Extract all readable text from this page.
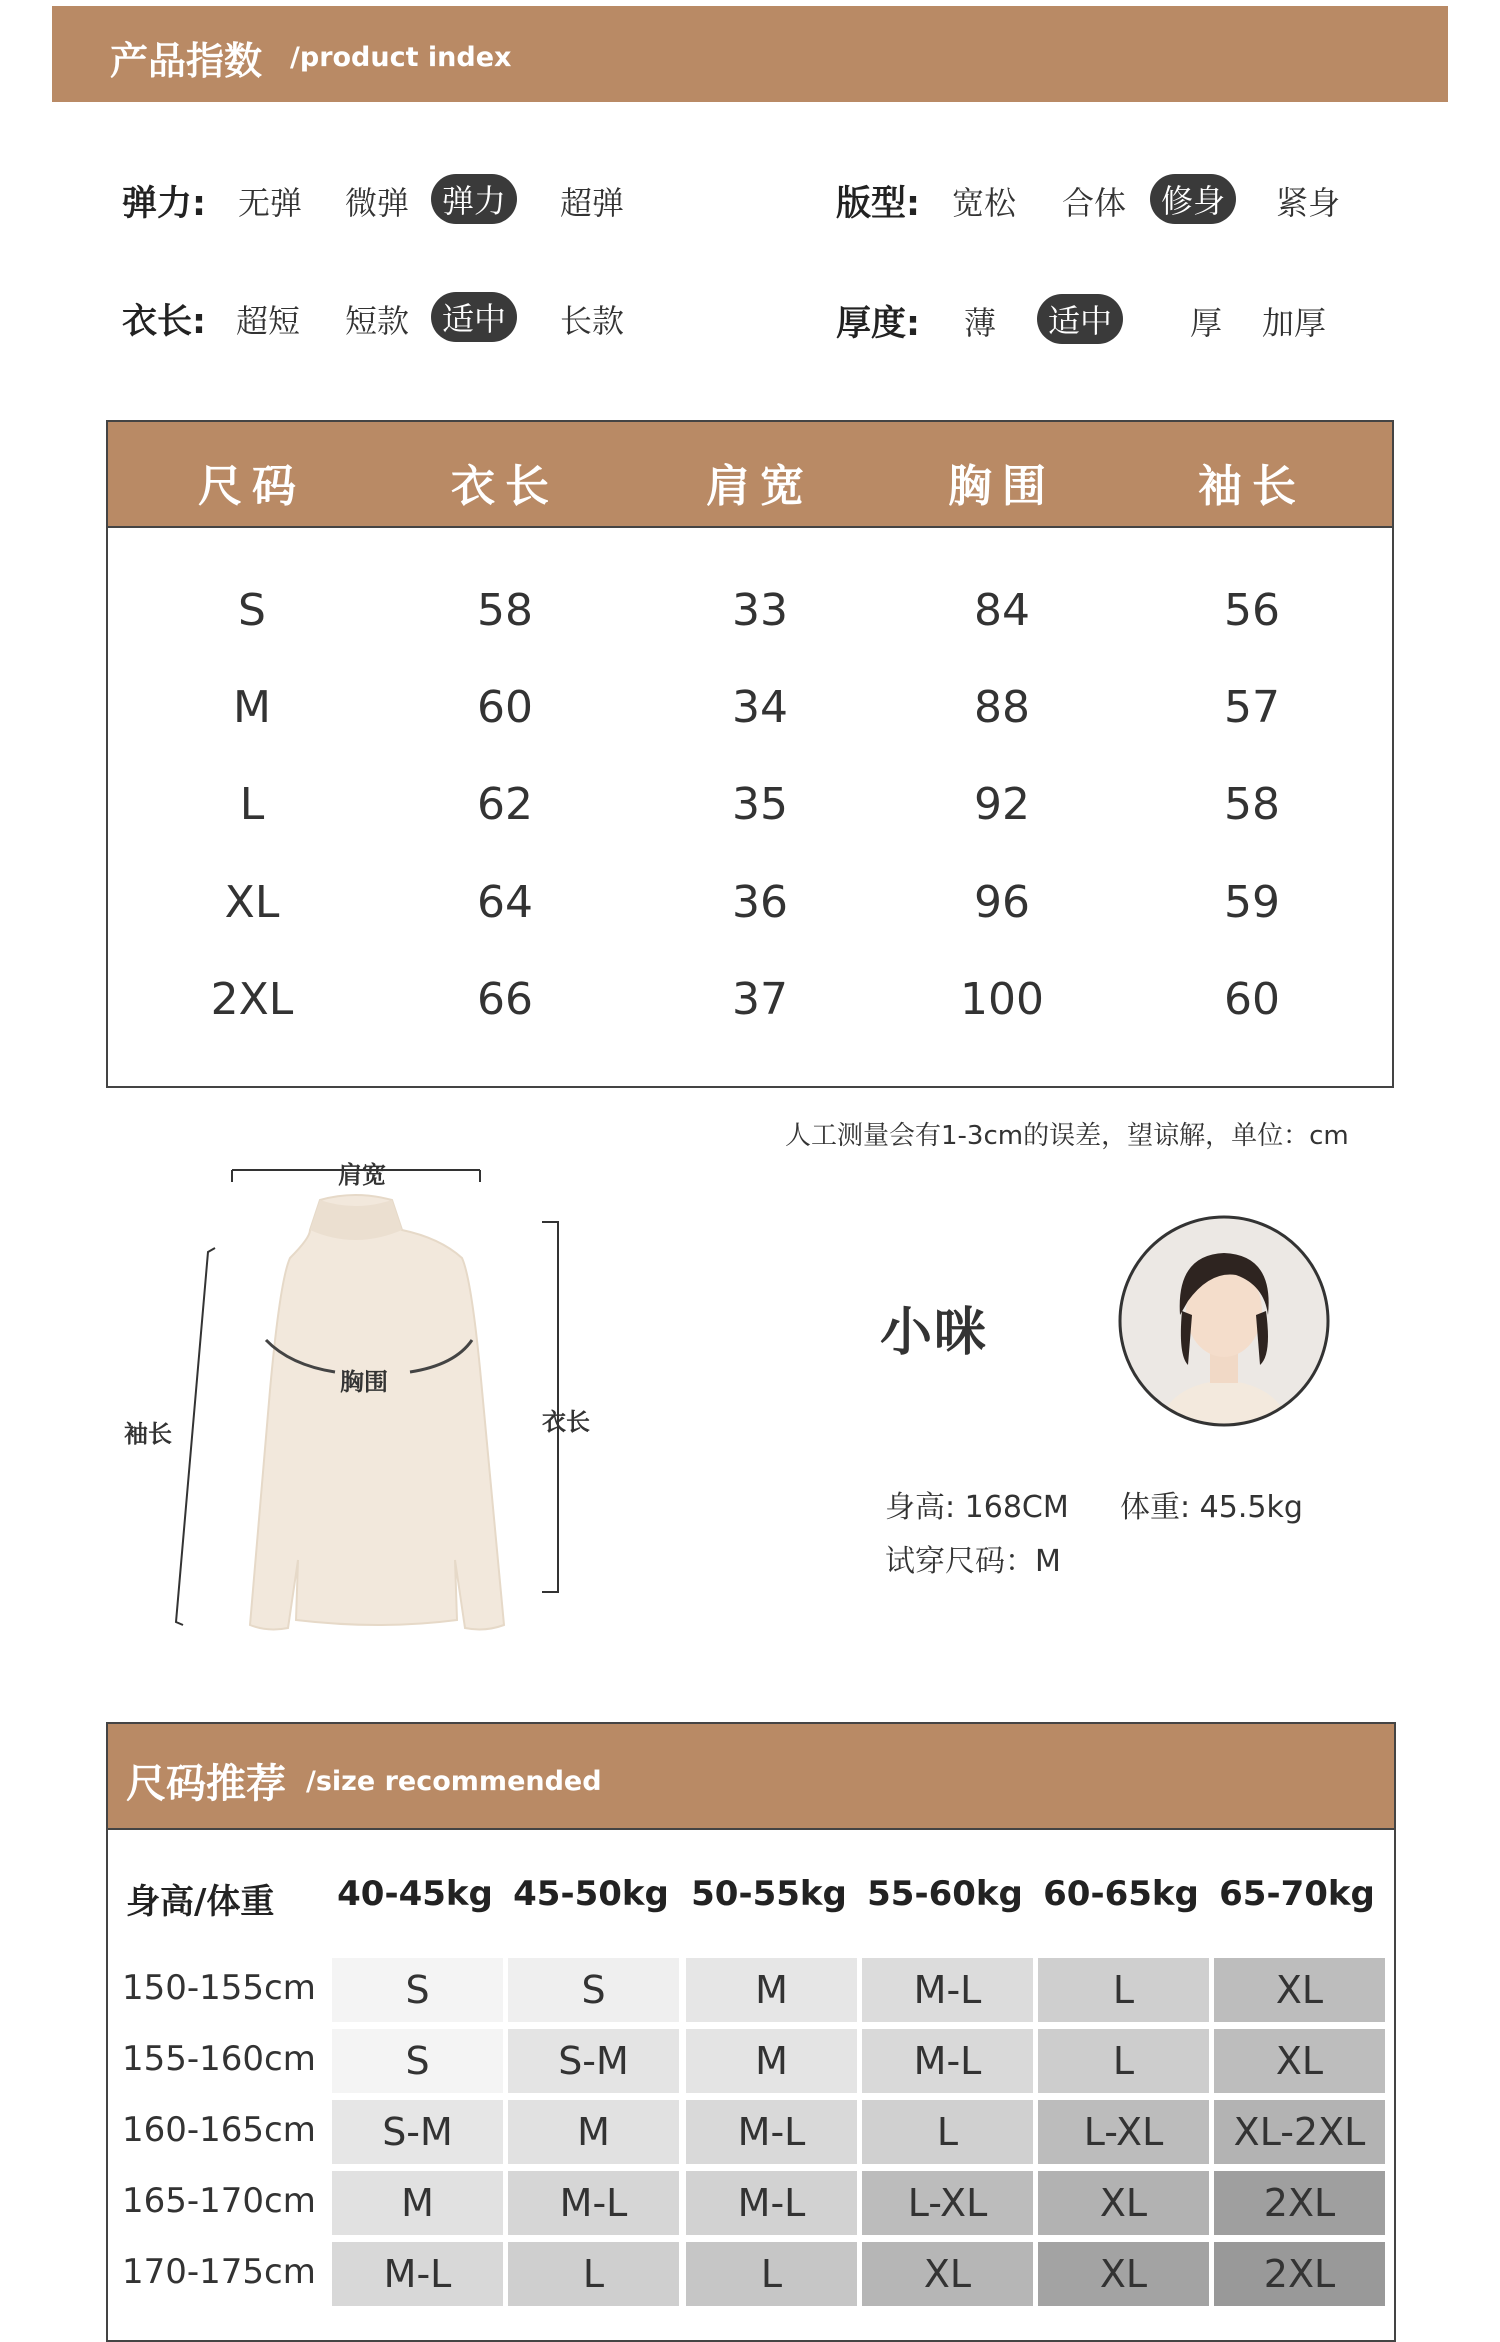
产品指数 /product index
弹力: 无弹 微弹	弹力	超弹
衣长: 超短 短款	适中	长款
版型: 宽松 合体	修身	紧身
厚度: 薄	适中	厚 加厚
尺码	衣长	肩宽	胸围	袖长
S	58	33	84	56
M	60	34	88	57
L	62	35	92	58
XL	64	36	96	59
2XL	66	37	100	60
人工测量会有1-3cm的误差，望谅解，单位：cm
肩宽
胸围
袖长	衣长
小咪
身高: 168CM 体重: 45.5kg
试穿尺码：M
尺码推荐 /size recommended
身高/体重 40-45kg 45-50kg 50-55kg 55-60kg 60-65kg 65-70kg
150-155cm	S	S	M	M-L	L	XL
155-160cm	S	S-M	M	M-L	L	XL
160-165cm	S-M	M	M-L	L	L-XL	XL-2XL
165-170cm	M	M-L	M-L	L-XL	XL	2XL
170-175cm	M-L	L	L	XL	XL	2XL
